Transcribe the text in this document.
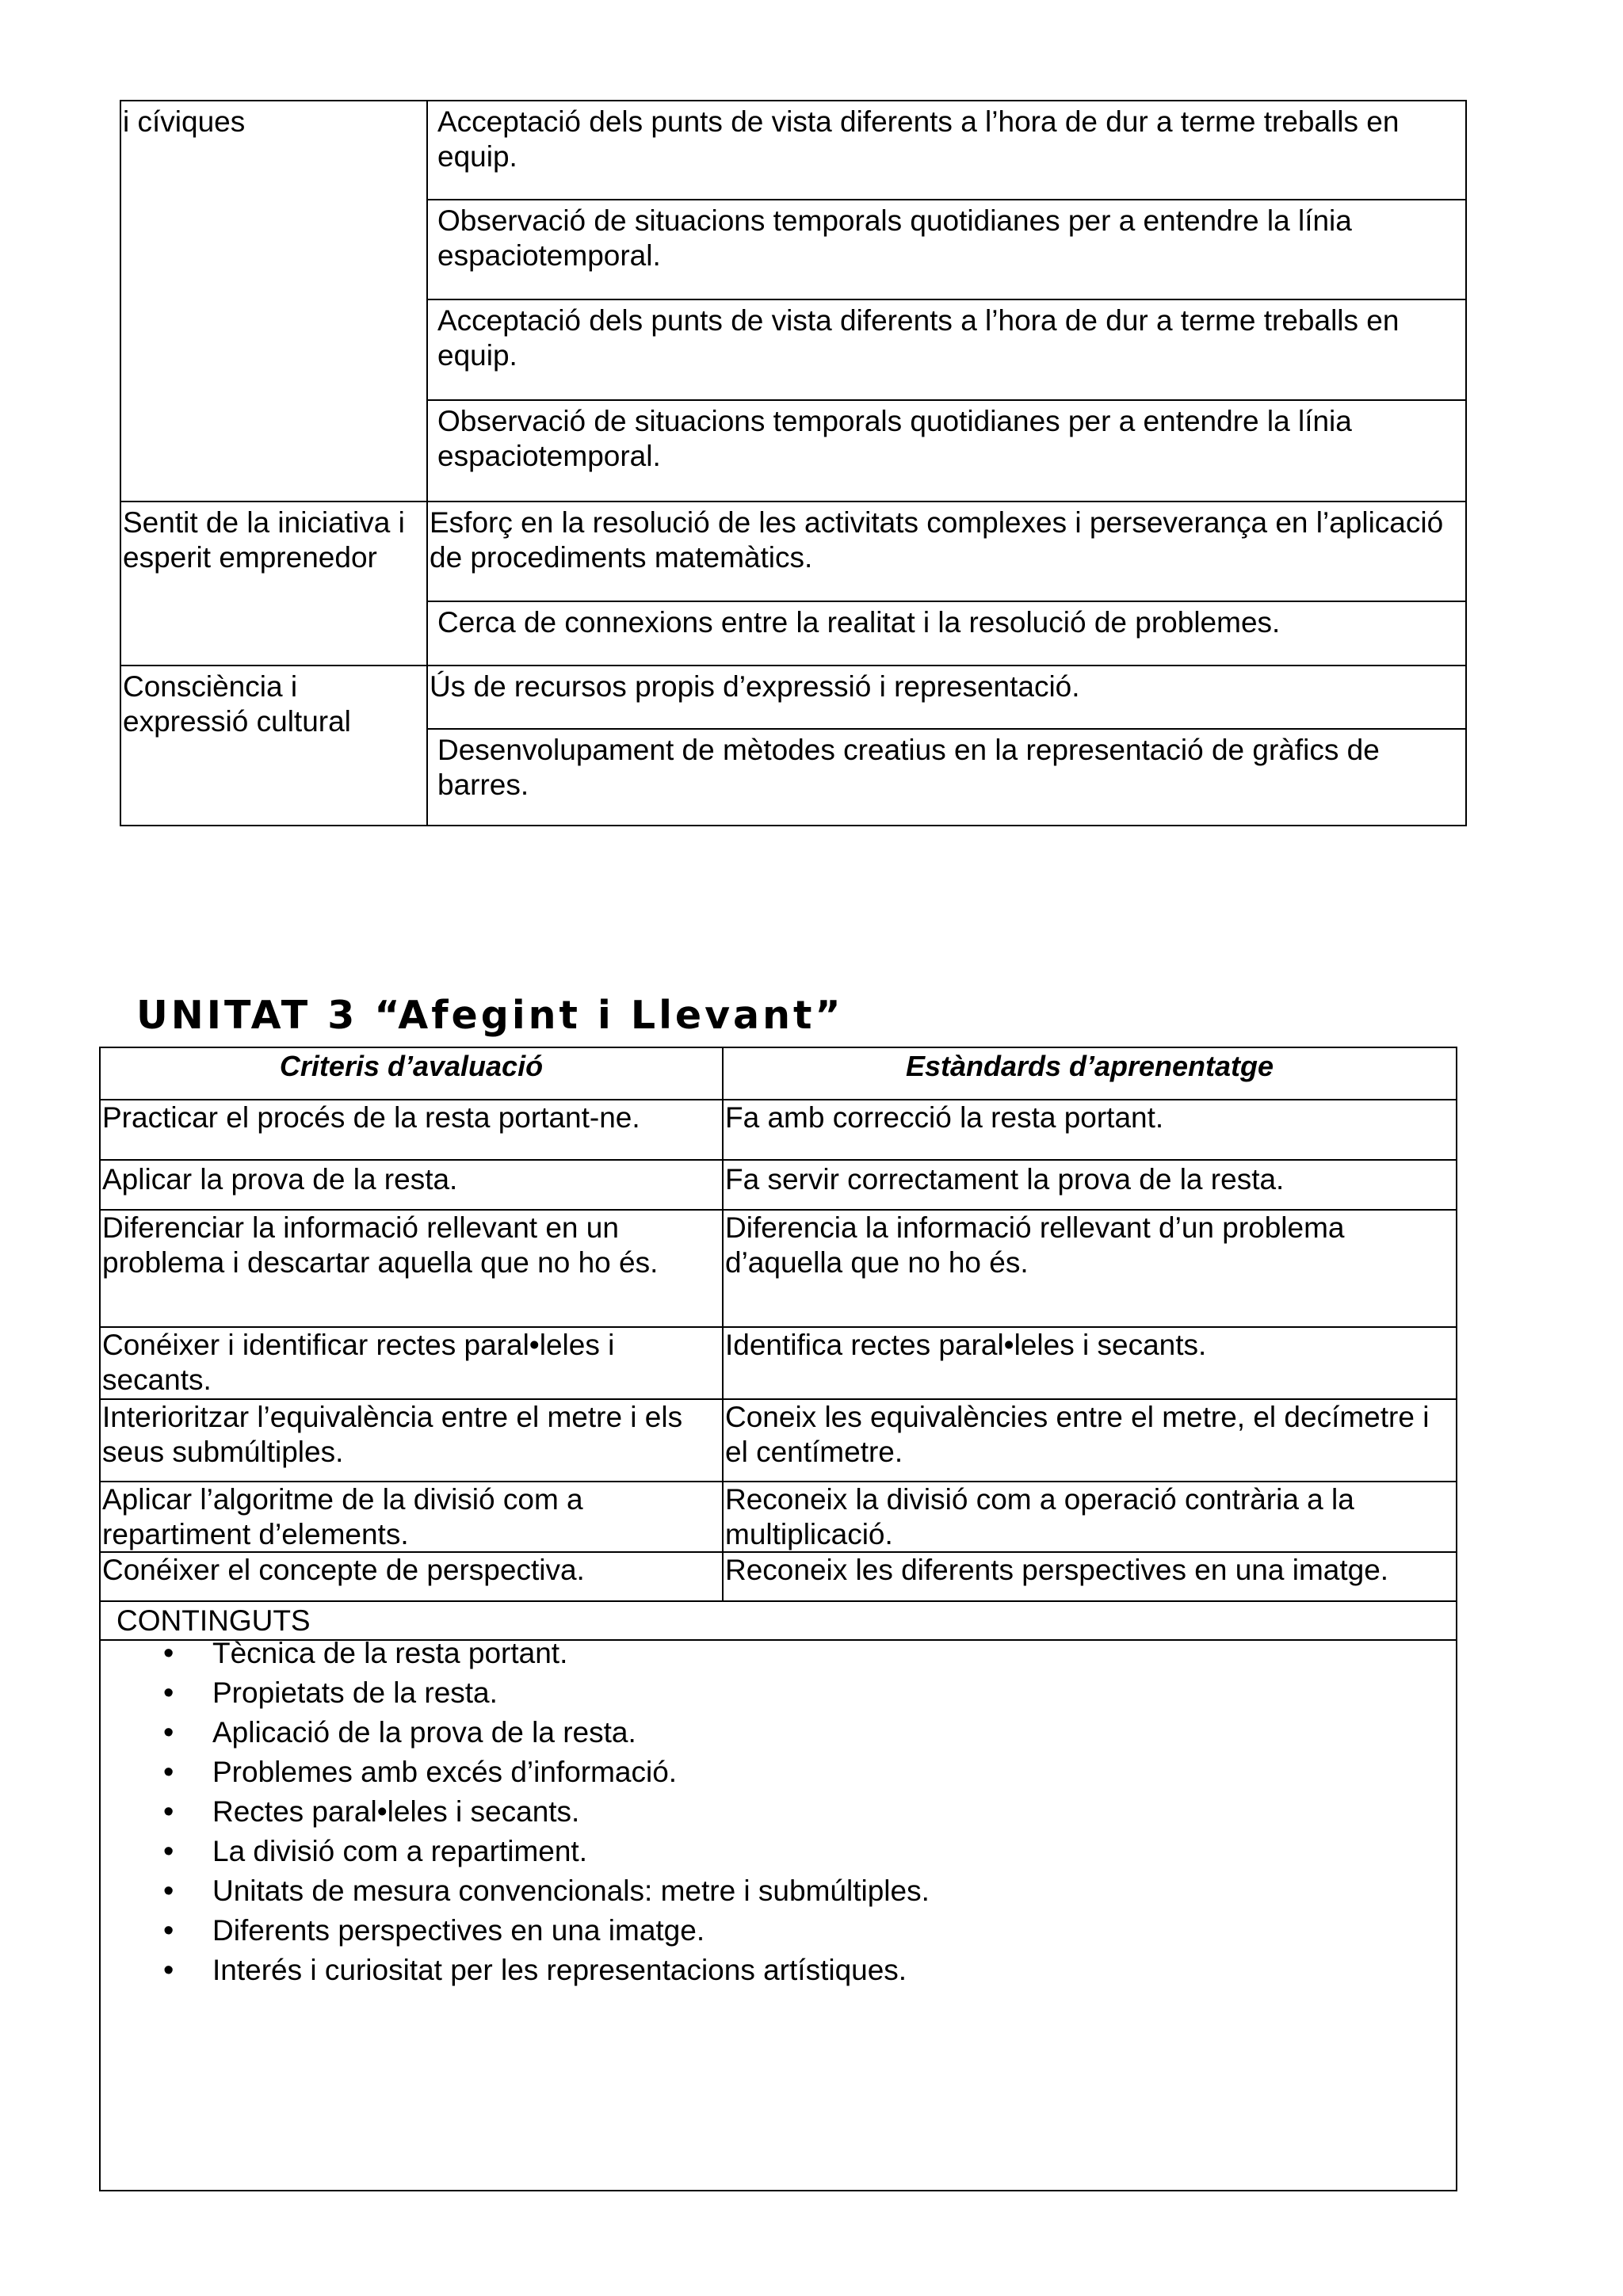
i cíviques
Sentit de la iniciativa i esperit emprenedor
Consciència i expressió cultural
Acceptació dels punts de vista diferents a l’hora de dur a terme treballs en equip.
Observació de situacions temporals quotidianes per a entendre la línia espaciotemporal.
Acceptació dels punts de vista diferents a l’hora de dur a terme treballs en equip.
Observació de situacions temporals quotidianes per a entendre la línia espaciotemporal.
Esforç en la resolució de les activitats complexes i perseverança en l’aplicació de procediments matemàtics.
Cerca de connexions entre la realitat i la resolució de problemes.
Ús de recursos propis d’expressió i representació.
Desenvolupament de mètodes creatius en la representació de gràfics de barres.
UNITAT 3 “Afegint i Llevant”
Criteris d’avaluació	Estàndards d’aprenentatge
Practicar el procés de la resta portant-ne.
Aplicar la prova de la resta.
Diferenciar la informació rellevant en un problema i descartar aquella que no ho és.
Conéixer i identificar rectes paral•leles i secants.
Interioritzar l’equivalència entre el metre i els seus submúltiples.
Aplicar l’algoritme de la divisió com a repartiment d’elements.
Conéixer el concepte de perspectiva.
Fa amb correcció la resta portant.
Fa servir correctament la prova de la resta.
Diferencia la informació rellevant d’un problema d’aquella que no ho és.
Identifica rectes paral•leles i secants.
Coneix les equivalències entre el metre, el decímetre i el centímetre.
Reconeix la divisió com a operació contrària a la multiplicació.
Reconeix les diferents perspectives en una imatge.
CONTINGUTS
• Tècnica de la resta portant.
• Propietats de la resta.
• Aplicació de la prova de la resta.
• Problemes amb excés d’informació.
• Rectes paral•leles i secants.
• La divisió com a repartiment.
• Unitats de mesura convencionals: metre i submúltiples.
• Diferents perspectives en una imatge.
• Interés i curiositat per les representacions artístiques.
